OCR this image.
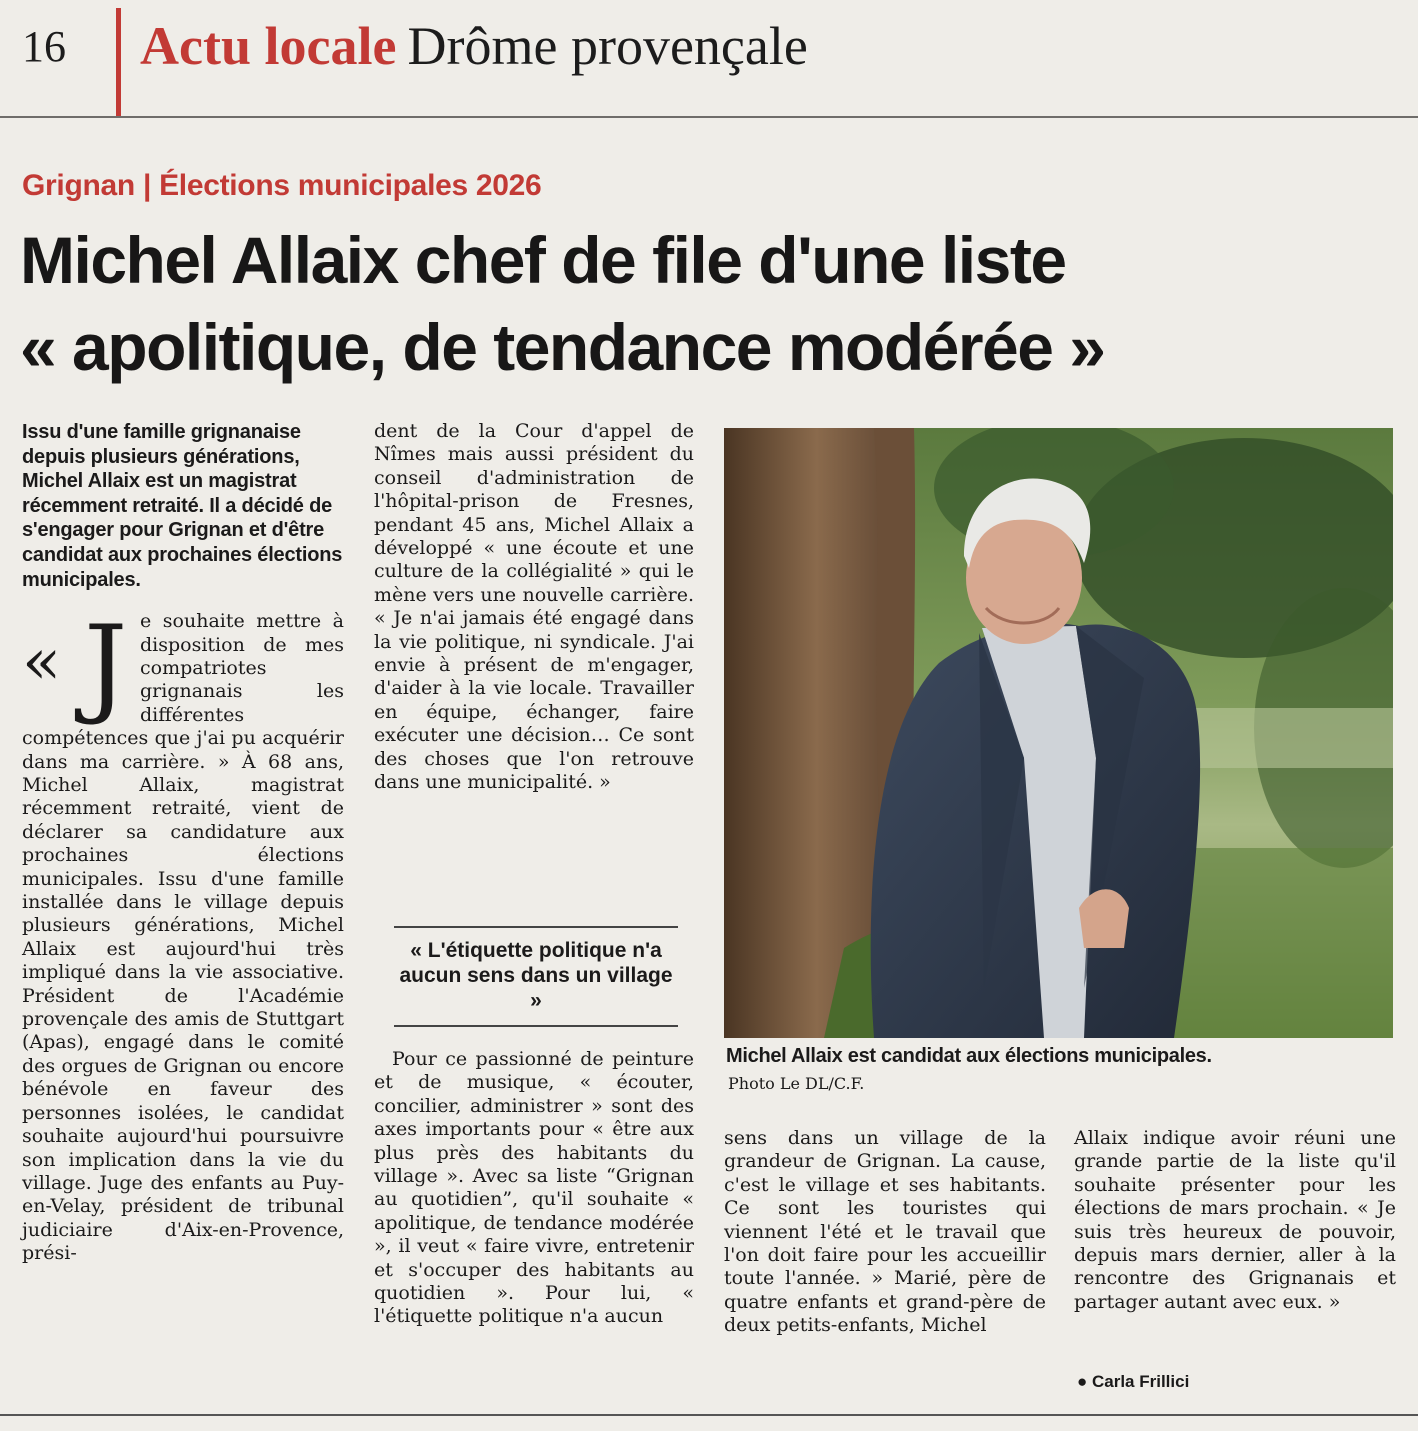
16 Actu locale Drôme provençale
Grignan | Élections municipales 2026
Michel Allaix chef de file d'une liste
« apolitique, de tendance modérée »

Issu d'une famille grignanaise depuis plusieurs générations, Michel Allaix est un magistrat récemment retraité. Il a décidé de s'engager pour Grignan et d'être candidat aux prochaines élections municipales.

« J e souhaite mettre à disposition de mes compatriotes grignanais les différentes compétences que j'ai pu acquérir dans ma carrière. » À 68 ans, Michel Allaix, magistrat récemment retraité, vient de déclarer sa candidature aux prochaines élections municipales. Issu d'une famille installée dans le village depuis plusieurs générations, Michel Allaix est aujourd'hui très impliqué dans la vie associative. Président de l'Académie provençale des amis de Stuttgart (Apas), engagé dans le comité des orgues de Grignan ou encore bénévole en faveur des personnes isolées, le candidat souhaite aujourd'hui poursuivre son implication dans la vie du village. Juge des enfants au Puy-en-Velay, président de tribunal judiciaire d'Aix-en-Provence, prési-

dent de la Cour d'appel de Nîmes mais aussi président du conseil d'administration de l'hôpital-prison de Fresnes, pendant 45 ans, Michel Allaix a développé « une écoute et une culture de la collégialité » qui le mène vers une nouvelle carrière. « Je n'ai jamais été engagé dans la vie politique, ni syndicale. J'ai envie à présent de m'engager, d'aider à la vie locale. Travailler en équipe, échanger, faire exécuter une décision… Ce sont des choses que l'on retrouve dans une municipalité. »

« L'étiquette politique n'a aucun sens dans un village »

Pour ce passionné de peinture et de musique, « écouter, concilier, administrer » sont des axes importants pour « être aux plus près des habitants du village ». Avec sa liste “Grignan au quotidien”, qu'il souhaite « apolitique, de tendance modérée », il veut « faire vivre, entretenir et s'occuper des habitants au quotidien ». Pour lui, « l'étiquette politique n'a aucun

Michel Allaix est candidat aux élections municipales.
Photo Le DL/C.F.

sens dans un village de la grandeur de Grignan. La cause, c'est le village et ses habitants. Ce sont les touristes qui viennent l'été et le travail que l'on doit faire pour les accueillir toute l'année. » Marié, père de quatre enfants et grand-père de deux petits-enfants, Michel

Allaix indique avoir réuni une grande partie de la liste qu'il souhaite présenter pour les élections de mars prochain. « Je suis très heureux de pouvoir, depuis mars dernier, aller à la rencontre des Grignanais et partager autant avec eux. »

● Carla Frillici
